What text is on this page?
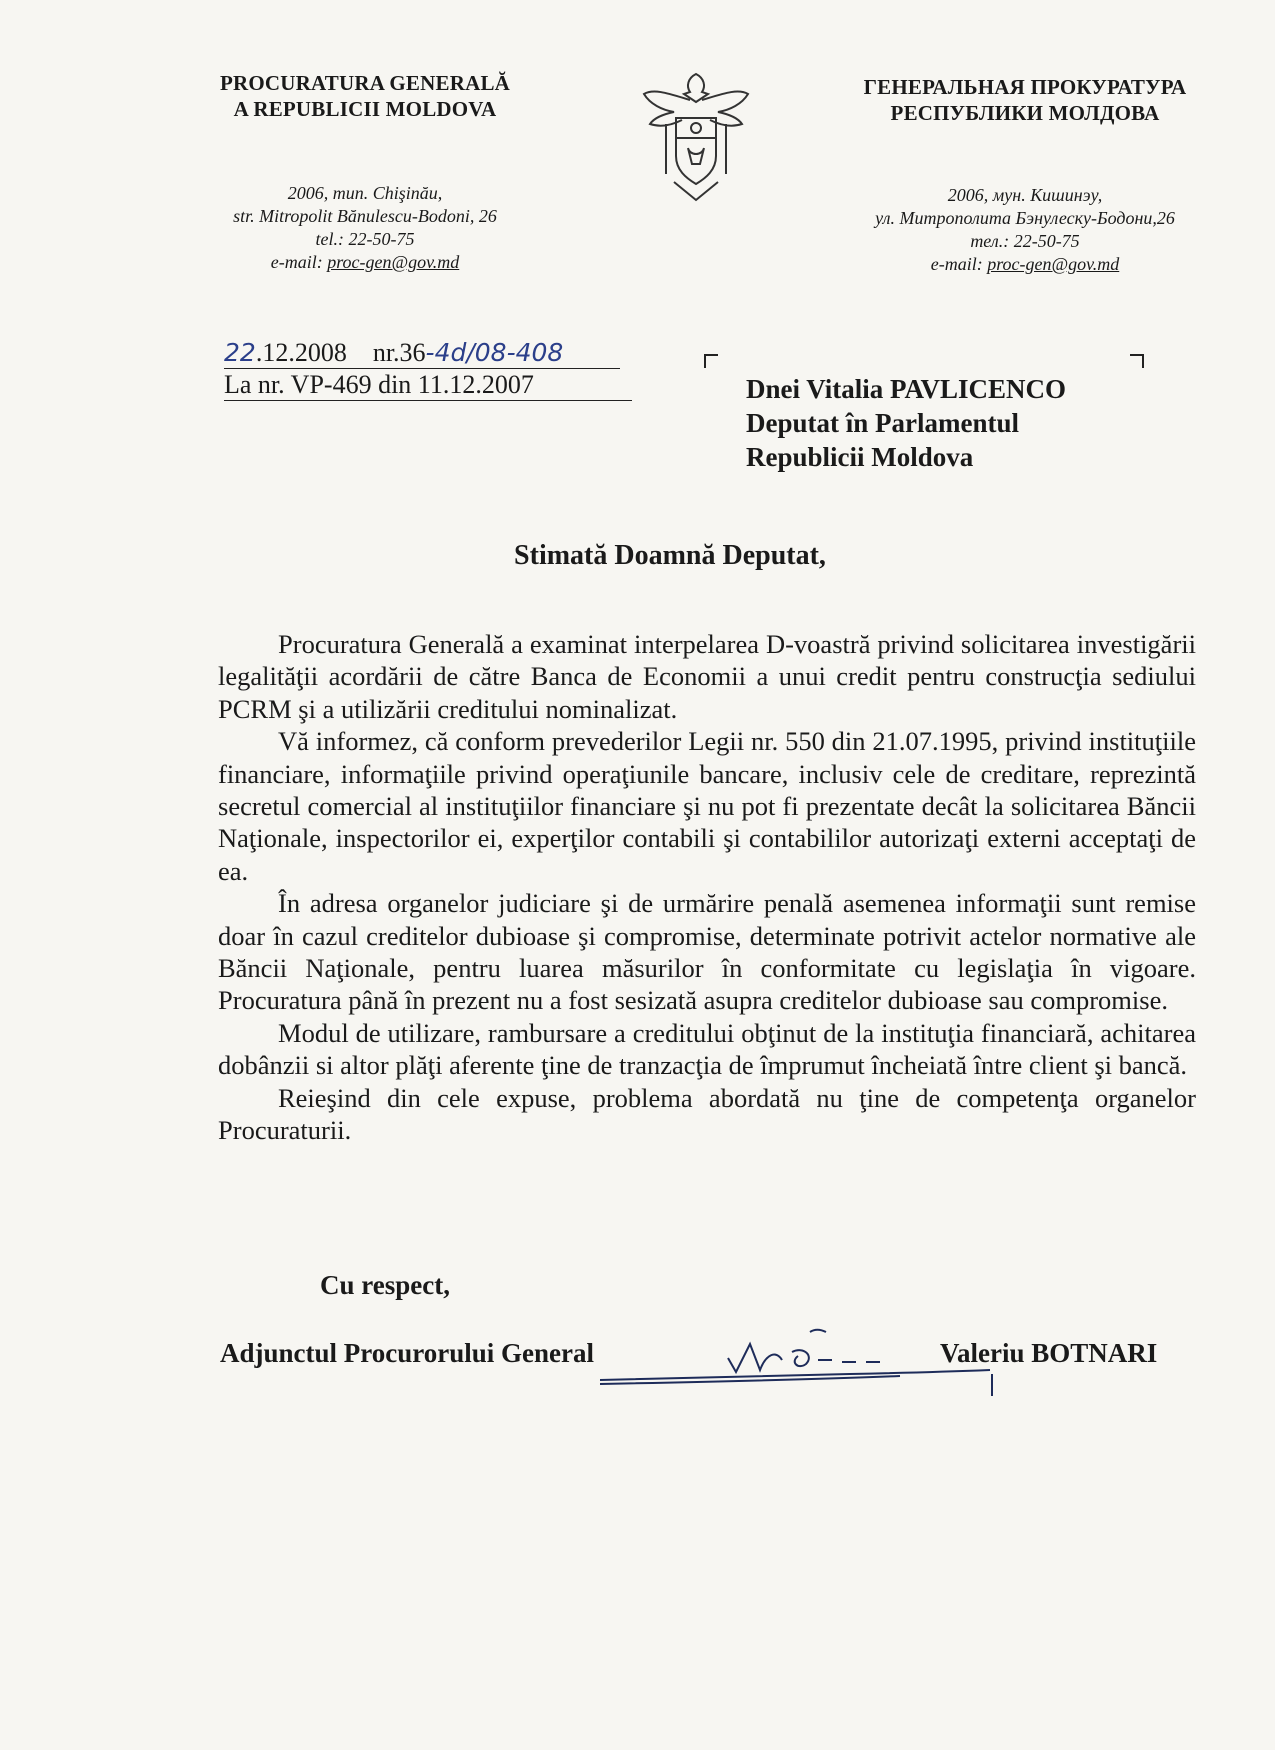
PROCURATURA GENERALĂ
A REPUBLICII MOLDOVA
2006, mun. Chişinău,
str. Mitropolit Bănulescu-Bodoni, 26
tel.: 22-50-75
e-mail: proc-gen@gov.md
ГЕНЕРАЛЬНАЯ ПРОКУРАТУРА
РЕСПУБЛИКИ МОЛДОВА
2006, мун. Кишинэу,
ул. Митрополита Бэнулеску-Бодони,26
тел.: 22-50-75
e-mail: proc-gen@gov.md
22.12.2008 nr.36-4d/08-408
La nr. VP-469 din 11.12.2007	Dnei Vitalia PAVLICENCO
Deputat în Parlamentul
Republicii Moldova
Stimată Doamnă Deputat,

Procuratura Generală a examinat interpelarea D-voastră privind solicitarea investigării legalităţii acordării de către Banca de Economii a unui credit pentru construcţia sediului PCRM şi a utilizării creditului nominalizat.

Vă informez, că conform prevederilor Legii nr. 550 din 21.07.1995, privind instituţiile financiare, informaţiile privind operaţiunile bancare, inclusiv cele de creditare, reprezintă secretul comercial al instituţiilor financiare şi nu pot fi prezentate decât la solicitarea Băncii Naţionale, inspectorilor ei, experţilor contabili şi contabililor autorizaţi externi acceptaţi de ea.

În adresa organelor judiciare şi de urmărire penală asemenea informaţii sunt remise doar în cazul creditelor dubioase şi compromise, determinate potrivit actelor normative ale Băncii Naţionale, pentru luarea măsurilor în conformitate cu legislaţia în vigoare. Procuratura până în prezent nu a fost sesizată asupra creditelor dubioase sau compromise.

Modul de utilizare, rambursare a creditului obţinut de la instituţia financiară, achitarea dobânzii si altor plăţi aferente ţine de tranzacţia de împrumut încheiată între client şi bancă.

Reieşind din cele expuse, problema abordată nu ţine de competenţa organelor Procuraturii.

Cu respect,
Adjunctul Procurorului General	Valeriu BOTNARI
